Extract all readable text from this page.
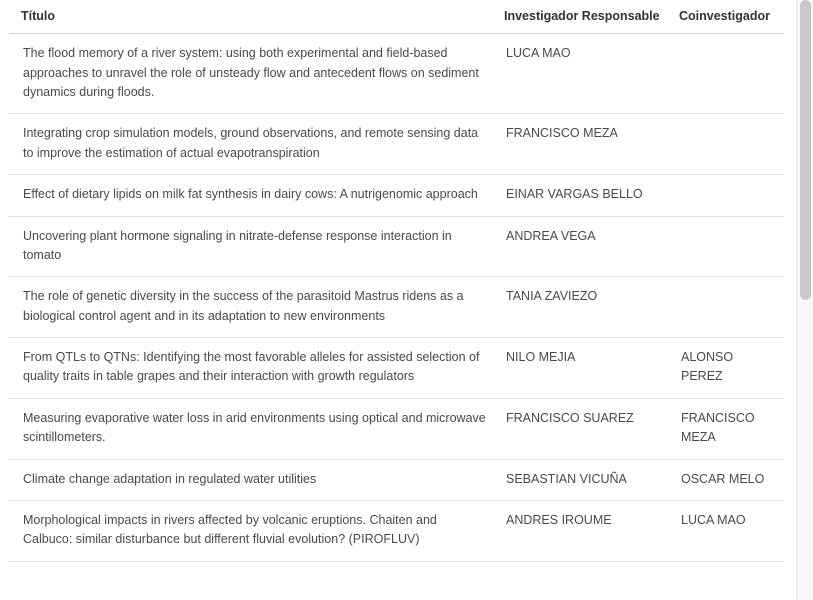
Título	Investigador Responsable	Coinvestigador
The flood memory of a river system: using both experimental and field-based approaches to unravel the role of unsteady flow and antecedent flows on sediment dynamics during floods.	LUCA MAO	
Integrating crop simulation models, ground observations, and remote sensing data to improve the estimation of actual evapotranspiration	FRANCISCO MEZA	
Effect of dietary lipids on milk fat synthesis in dairy cows: A nutrigenomic approach	EINAR VARGAS BELLO	
Uncovering plant hormone signaling in nitrate-defense response interaction in tomato	ANDREA VEGA	
The role of genetic diversity in the success of the parasitoid Mastrus ridens as a biological control agent and in its adaptation to new environments	TANIA ZAVIEZO	
From QTLs to QTNs: Identifying the most favorable alleles for assisted selection of quality traits in table grapes and their interaction with growth regulators	NILO MEJIA	ALONSO PEREZ
Measuring evaporative water loss in arid environments using optical and microwave scintillometers.	FRANCISCO SUAREZ	FRANCISCO MEZA
Climate change adaptation in regulated water utilities	SEBASTIAN VICUÑA	OSCAR MELO
Morphological impacts in rivers affected by volcanic eruptions. Chaiten and Calbuco: similar disturbance but different fluvial evolution? (PIROFLUV)	ANDRES IROUME	LUCA MAO
